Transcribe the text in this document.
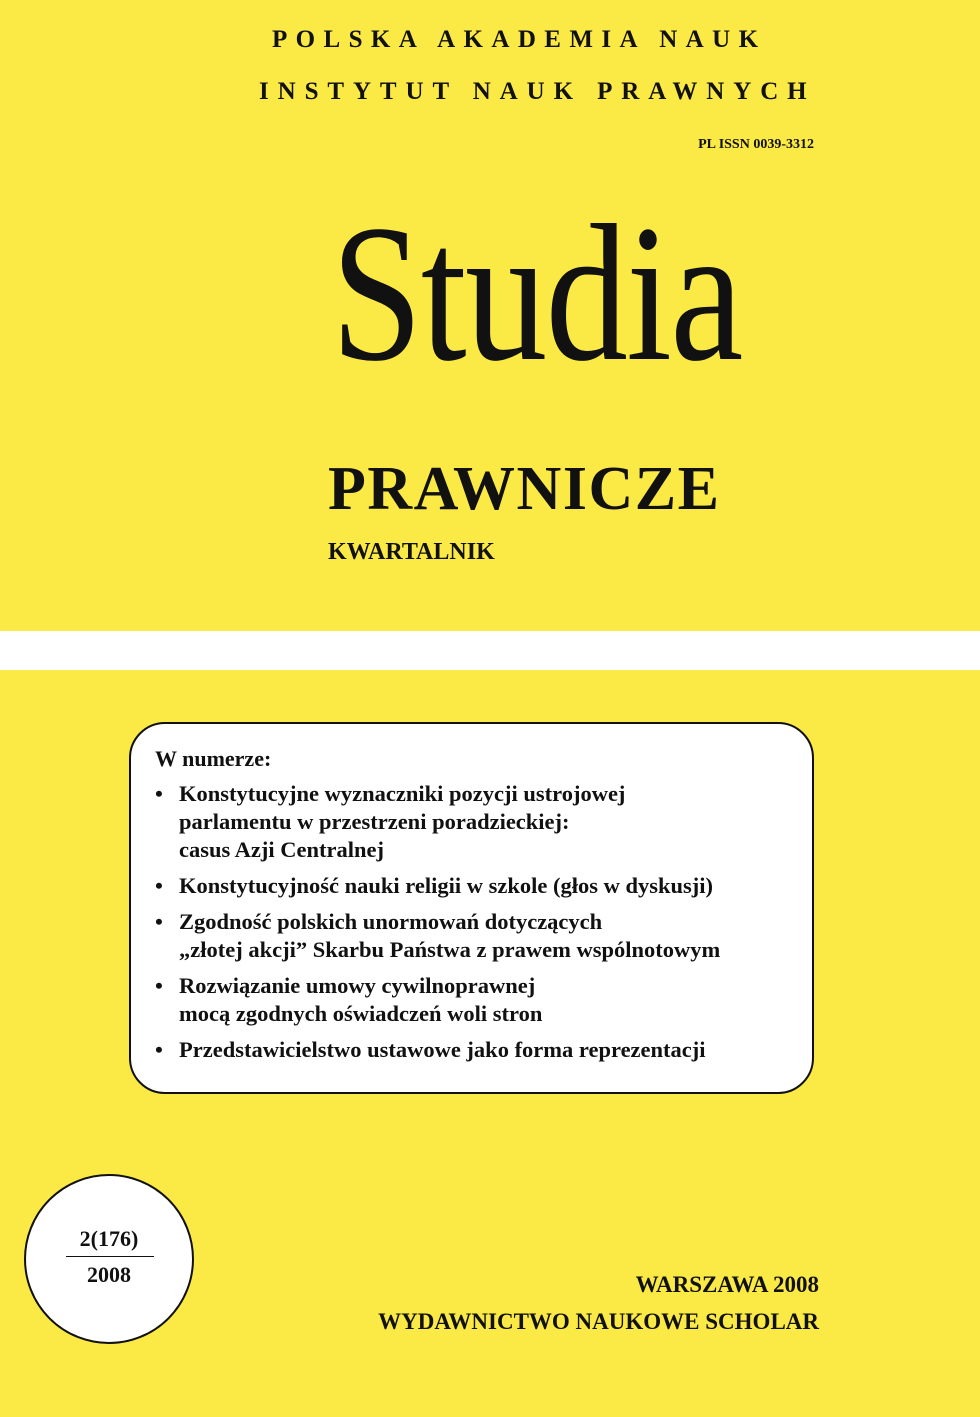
POLSKA AKADEMIA NAUK
INSTYTUT NAUK PRAWNYCH
PL ISSN 0039-3312
Studia
PRAWNICZE
KWARTALNIK
W numerze:
• Konstytucyjne wyznaczniki pozycji ustrojowej
parlamentu w przestrzeni poradzieckiej:
casus Azji Centralnej
• Konstytucyjność nauki religii w szkole (głos w dyskusji)
• Zgodność polskich unormowań dotyczących
„złotej akcji” Skarbu Państwa z prawem wspólnotowym
• Rozwiązanie umowy cywilnoprawnej
mocą zgodnych oświadczeń woli stron
• Przedstawicielstwo ustawowe jako forma reprezentacji
2(176)
2008	WARSZAWA 2008
WYDAWNICTWO NAUKOWE SCHOLAR
